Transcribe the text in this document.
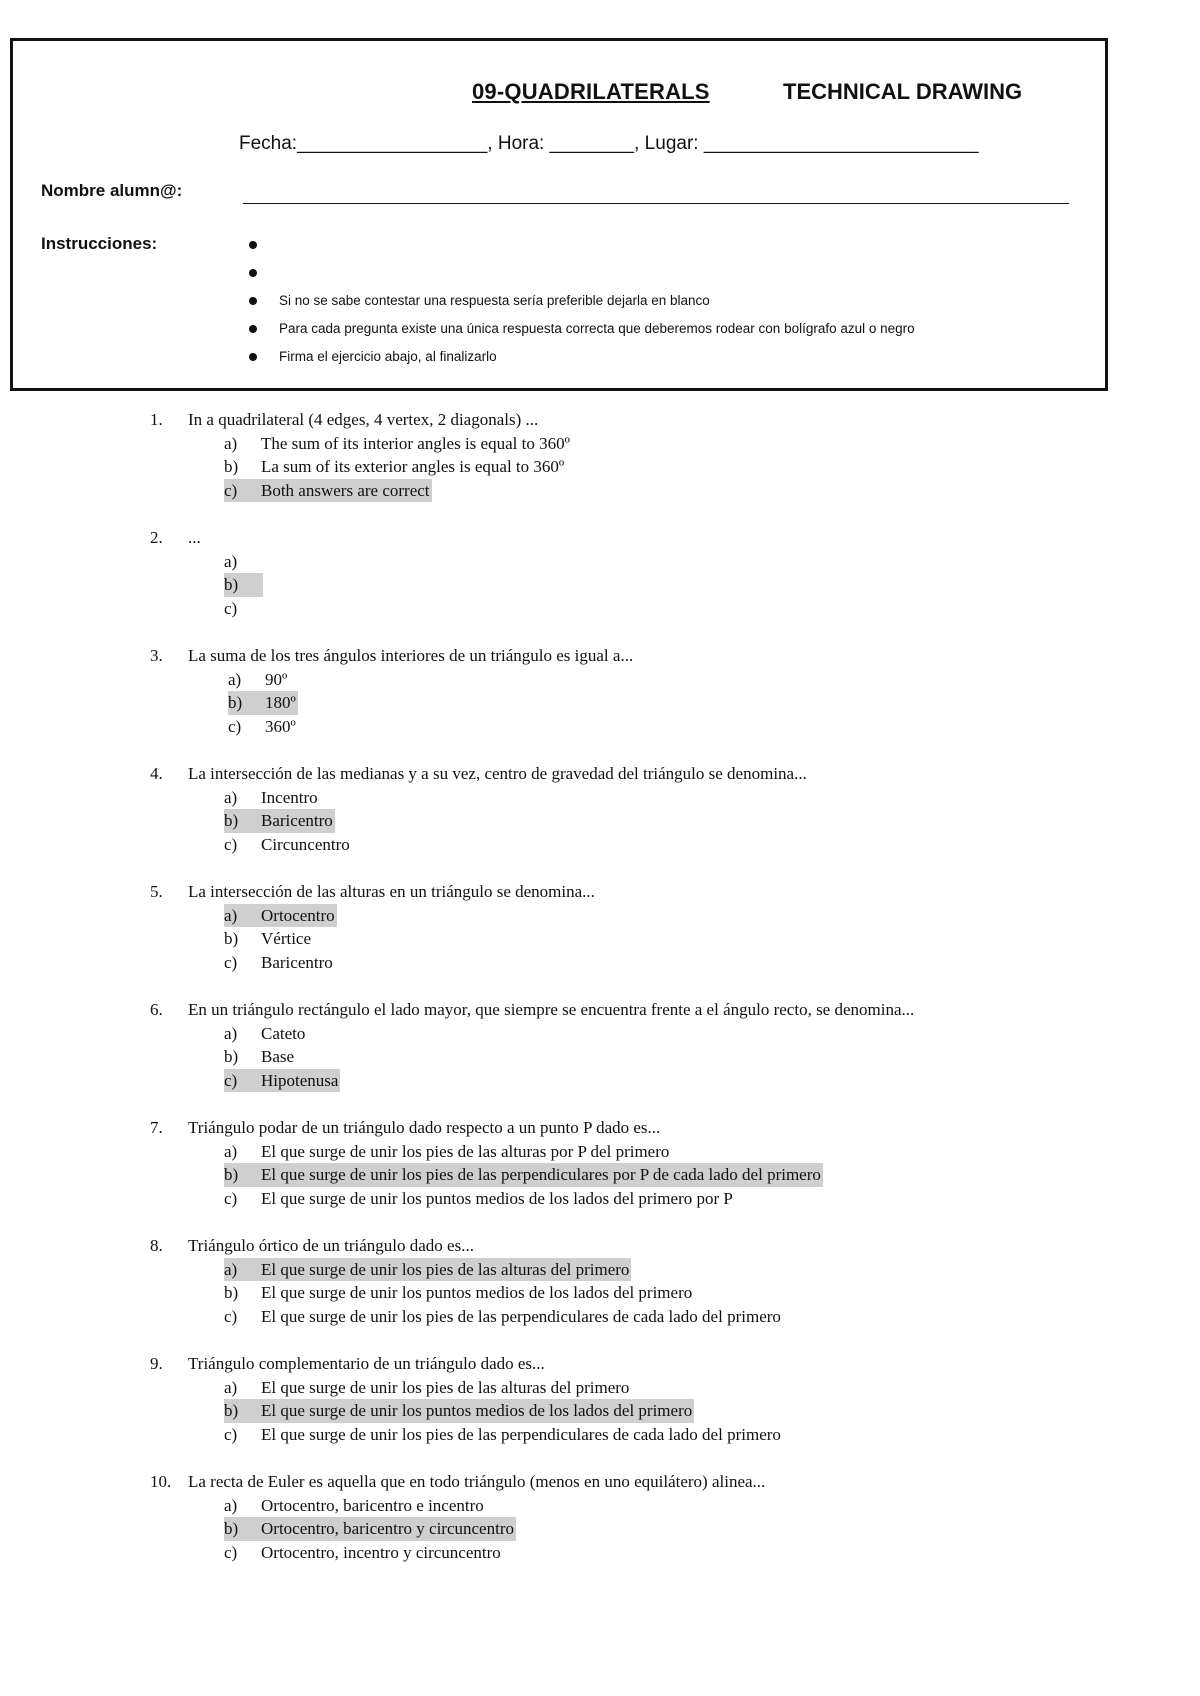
09-QUADRILATERALS	TECHNICAL DRAWING
Fecha:__________________, Hora: ________, Lugar: __________________________
Nombre alumn@:
Instrucciones:
Si no se sabe contestar una respuesta sería preferible dejarla en blanco
Para cada pregunta existe una única respuesta correcta que deberemos rodear con bolígrafo azul o negro
Firma el ejercicio abajo, al finalizarlo
1. In a quadrilateral (4 edges, 4 vertex, 2 diagonals) ...
a) The sum of its interior angles is equal to 360º
b) La sum of its exterior angles is equal to 360º
c) Both answers are correct
2. ...
a)
b)
c)
3. La suma de los tres ángulos interiores de un triángulo es igual a...
a) 90º
b) 180º
c) 360º
4. La intersección de las medianas y a su vez, centro de gravedad del triángulo se denomina...
a) Incentro
b) Baricentro
c) Circuncentro
5. La intersección de las alturas en un triángulo se denomina...
a) Ortocentro
b) Vértice
c) Baricentro
6. En un triángulo rectángulo el lado mayor, que siempre se encuentra frente a el ángulo recto, se denomina...
a) Cateto
b) Base
c) Hipotenusa
7. Triángulo podar de un triángulo dado respecto a un punto P dado es...
a) El que surge de unir los pies de las alturas por P del primero
b) El que surge de unir los pies de las perpendiculares por P de cada lado del primero
c) El que surge de unir los puntos medios de los lados del primero por P
8. Triángulo órtico de un triángulo dado es...
a) El que surge de unir los pies de las alturas del primero
b) El que surge de unir los puntos medios de los lados del primero
c) El que surge de unir los pies de las perpendiculares de cada lado del primero
9. Triángulo complementario de un triángulo dado es...
a) El que surge de unir los pies de las alturas del primero
b) El que surge de unir los puntos medios de los lados del primero
c) El que surge de unir los pies de las perpendiculares de cada lado del primero
10. La recta de Euler es aquella que en todo triángulo (menos en uno equilátero) alinea...
a) Ortocentro, baricentro e incentro
b) Ortocentro, baricentro y circuncentro
c) Ortocentro, incentro y circuncentro
